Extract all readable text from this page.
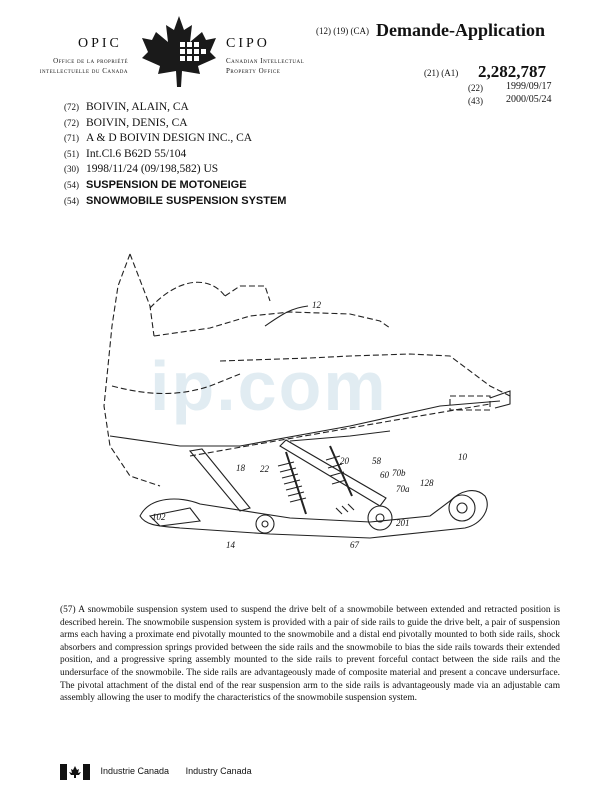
OPIC	CIPO
Office de la propriété
intellectuelle du Canada
Canadian Intellectual
Property Office
(12) (19) (CA) Demande-Application
(21) (A1) 2,282,787
(22) 1999/09/17
(43) 2000/05/24
(72) BOIVIN, ALAIN, CA
(72) BOIVIN, DENIS, CA
(71) A & D BOIVIN DESIGN INC., CA
(51) Int.Cl.6 B62D 55/104
(30) 1998/11/24 (09/198,582) US
(54) SUSPENSION DE MOTONEIGE
(54) SNOWMOBILE SUSPENSION SYSTEM
ip.com
12
18 22
20	58
60 70b
70a
128
10
14	67
201
102
(57) A snowmobile suspension system used to suspend the drive belt of a snowmobile between extended and retracted position is described herein. The snowmobile suspension system is provided with a pair of side rails to guide the drive belt, a pair of suspension arms each having a proximate end pivotally mounted to the snowmobile and a distal end pivotally mounted to both side rails, shock absorbers and compression springs provided between the side rails and the snowmobile to bias the side rails towards their extended position, and a progressive spring assembly mounted to the side rails to prevent forceful contact between the side rails and the undersurface of the snowmobile. The side rails are advantageously made of composite material and present a concave undersurface. The pivotal attachment of the distal end of the rear suspension arm to the side rails is advantageously made via an adjustable cam assembly allowing the user to modify the characteristics of the snowmobile suspension system.
Industrie Canada Industry Canada
